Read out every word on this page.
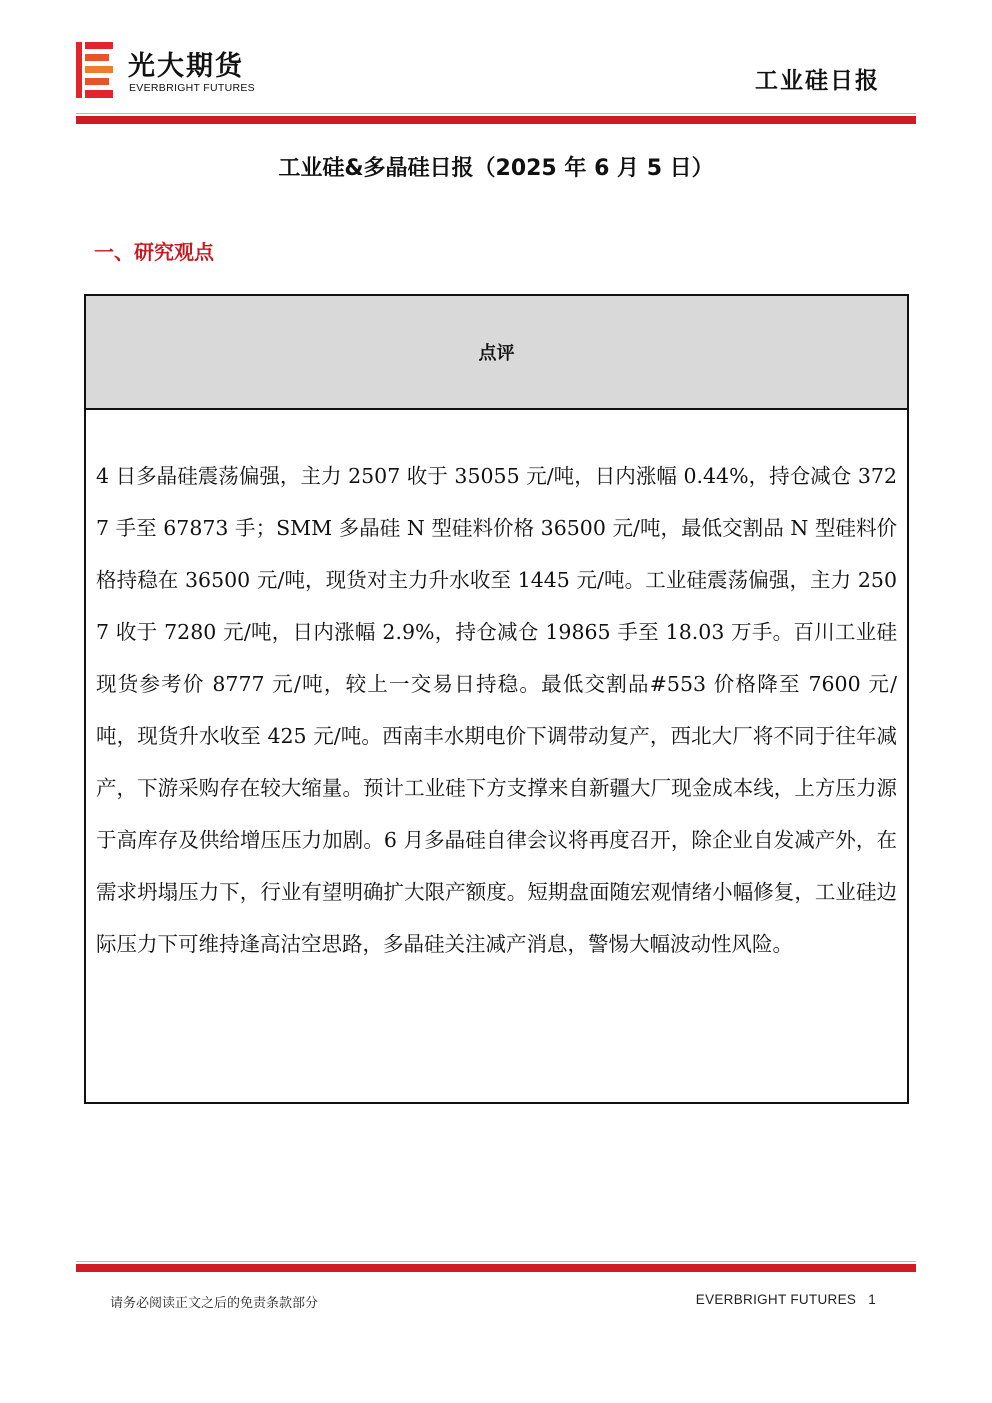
光大期货
EVERBRIGHT FUTURES	工业硅日报
工业硅&多晶硅日报（2025 年 6 月 5 日）
一、研究观点
点评
4 日多晶硅震荡偏强，主力 2507 收于 35055 元/吨，日内涨幅 0.44%，持仓减仓 3727 手至 67873 手；SMM 多晶硅 N 型硅料价格 36500 元/吨，最低交割品 N 型硅料价格持稳在 36500 元/吨，现货对主力升水收至 1445 元/吨。工业硅震荡偏强，主力 2507 收于 7280 元/吨，日内涨幅 2.9%，持仓减仓 19865 手至 18.03 万手。百川工业硅现货参考价 8777 元/吨，较上一交易日持稳。最低交割品#553 价格降至 7600 元/吨，现货升水收至 425 元/吨。西南丰水期电价下调带动复产，西北大厂将不同于往年减产，下游采购存在较大缩量。预计工业硅下方支撑来自新疆大厂现金成本线，上方压力源于高库存及供给增压压力加剧。6 月多晶硅自律会议将再度召开，除企业自发减产外，在需求坍塌压力下，行业有望明确扩大限产额度。短期盘面随宏观情绪小幅修复，工业硅边际压力下可维持逢高沽空思路，多晶硅关注减产消息，警惕大幅波动性风险。
请务必阅读正文之后的免责条款部分	EVERBRIGHT FUTURES 1
